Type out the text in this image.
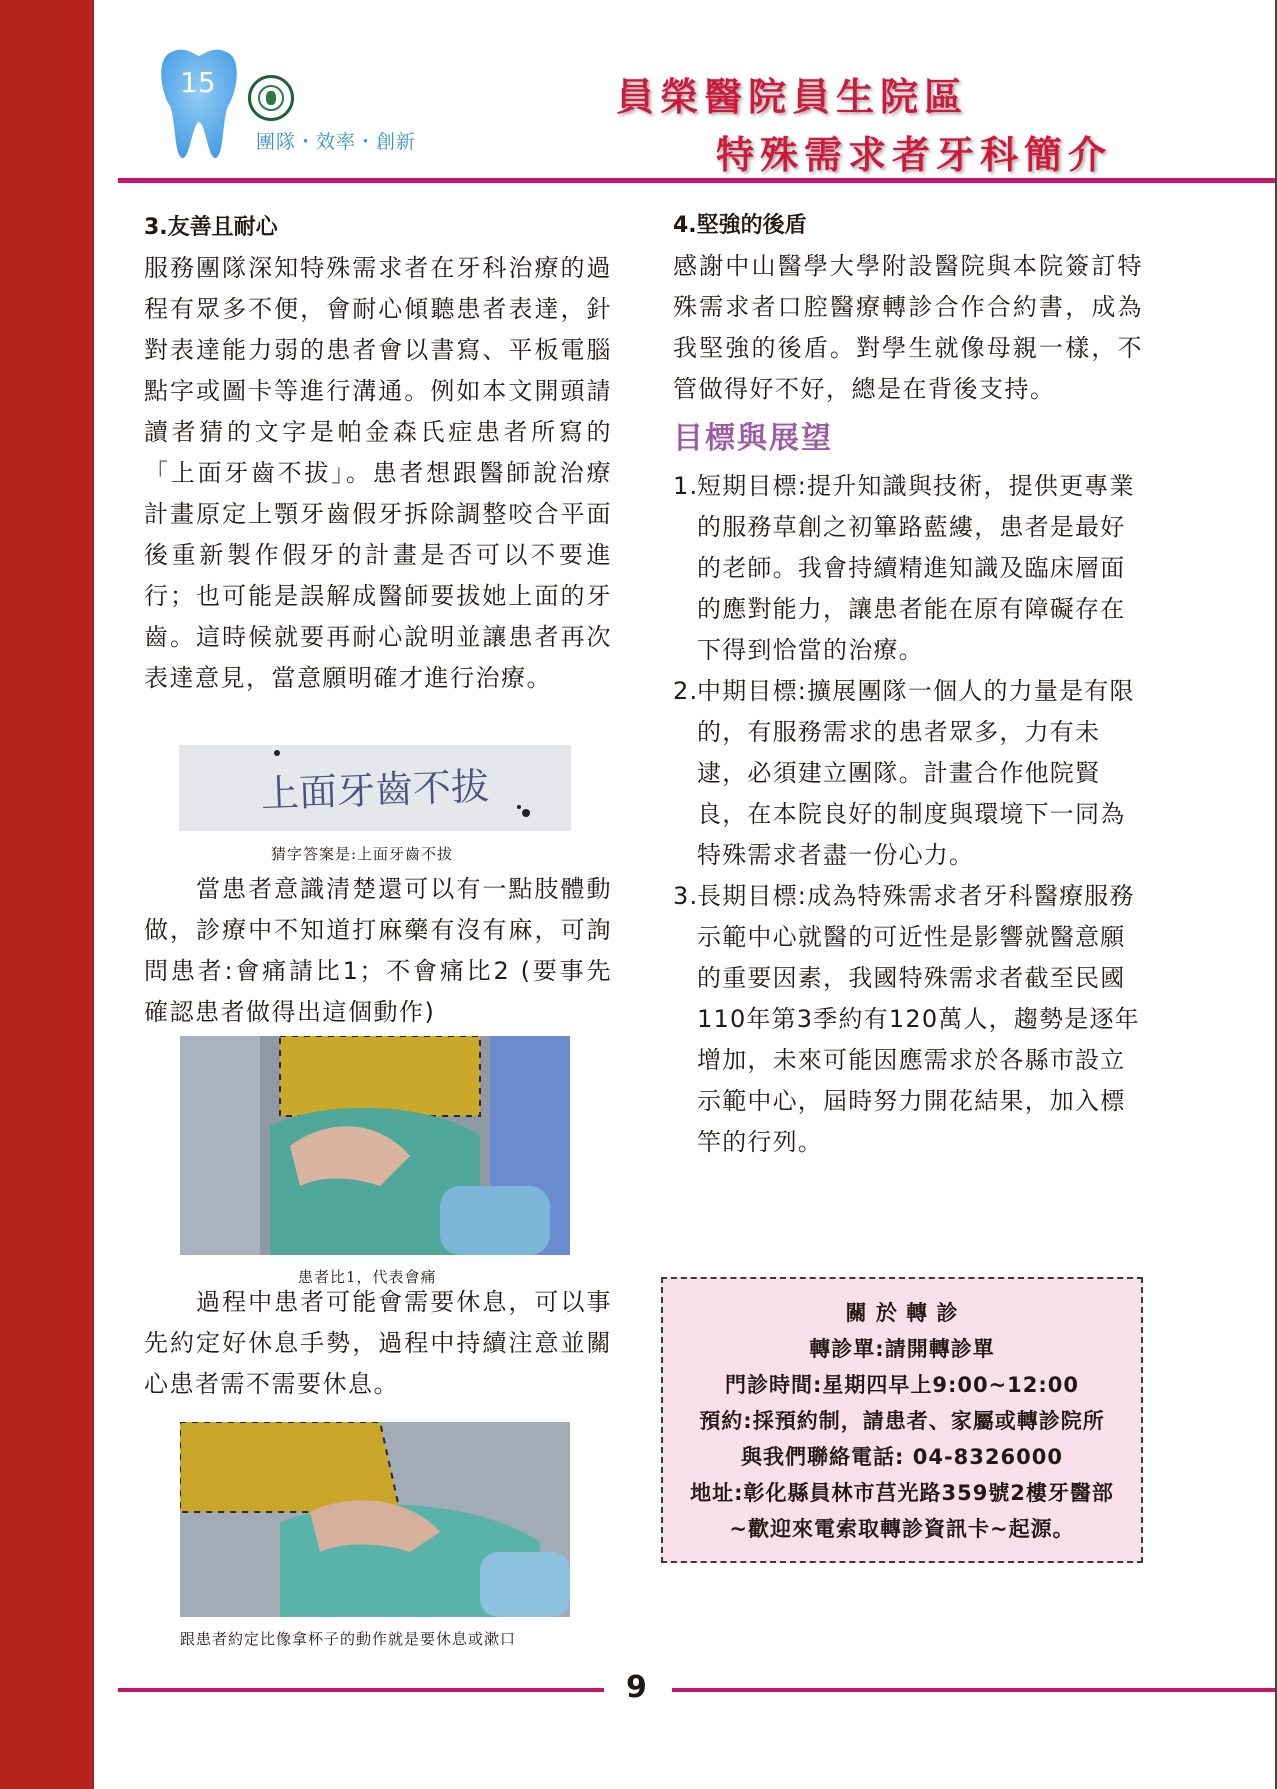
15
團隊・效率・創新
員榮醫院員生院區
特殊需求者牙科簡介

3.友善且耐心

服務團隊深知特殊需求者在牙科治療的過程有眾多不便，會耐心傾聽患者表達，針對表達能力弱的患者會以書寫、平板電腦點字或圖卡等進行溝通。例如本文開頭請讀者猜的文字是帕金森氏症患者所寫的「上面牙齒不拔」。患者想跟醫師說治療計畫原定上顎牙齒假牙拆除調整咬合平面後重新製作假牙的計畫是否可以不要進行；也可能是誤解成醫師要拔她上面的牙齒。這時候就要再耐心說明並讓患者再次表達意見，當意願明確才進行治療。

上面牙齒不拔
猜字答案是:上面牙齒不拔

當患者意識清楚還可以有一點肢體動做，診療中不知道打麻藥有沒有麻，可詢問患者:會痛請比1；不會痛比2 (要事先確認患者做得出這個動作)

患者比1，代表會痛

過程中患者可能會需要休息，可以事先約定好休息手勢，過程中持續注意並關心患者需不需要休息。

跟患者約定比像拿杯子的動作就是要休息或漱口

4.堅強的後盾

感謝中山醫學大學附設醫院與本院簽訂特殊需求者口腔醫療轉診合作合約書，成為我堅強的後盾。對學生就像母親一樣，不管做得好不好，總是在背後支持。

目標與展望

1.
短期目標:提升知識與技術，提供更專業的服務草創之初篳路藍縷，患者是最好的老師。我會持續精進知識及臨床層面的應對能力，讓患者能在原有障礙存在下得到恰當的治療。
2.
中期目標:擴展團隊一個人的力量是有限的，有服務需求的患者眾多，力有未逮，必須建立團隊。計畫合作他院賢良，在本院良好的制度與環境下一同為特殊需求者盡一份心力。
3.
長期目標:成為特殊需求者牙科醫療服務示範中心就醫的可近性是影響就醫意願的重要因素，我國特殊需求者截至民國110年第3季約有120萬人，趨勢是逐年增加，未來可能因應需求於各縣市設立示範中心，屆時努力開花結果，加入標竿的行列。
關 於 轉 診
轉診單:請開轉診單
門診時間:星期四早上9:00~12:00
預約:採預約制，請患者、家屬或轉診院所
與我們聯絡電話: 04-8326000
地址:彰化縣員林市莒光路359號2樓牙醫部
~歡迎來電索取轉診資訊卡~起源。
9
